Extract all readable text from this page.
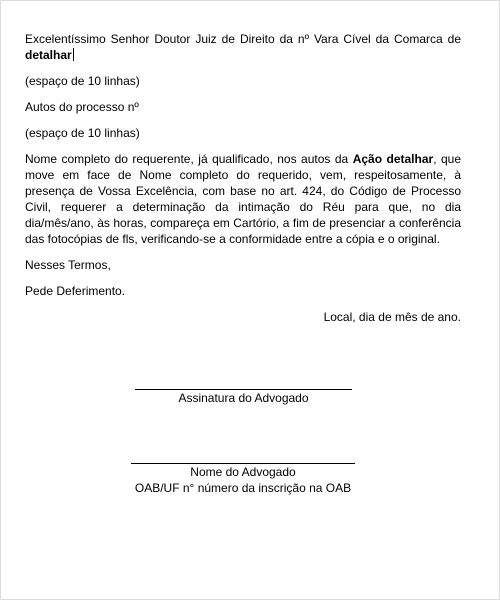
Excelentíssimo Senhor Doutor Juiz de Direito da nº Vara Cível da Comarca de detalhar

(espaço de 10 linhas)

Autos do processo nº

(espaço de 10 linhas)

Nome completo do requerente, já qualificado, nos autos da Ação detalhar, que move em face de Nome completo do requerido, vem, respeitosamente, à presença de Vossa Excelência, com base no art. 424, do Código de Processo Civil, requerer a determinação da intimação do Réu para que, no dia dia/mês/ano, às horas, compareça em Cartório, a fim de presenciar a conferência das fotocópias de fls, verificando-se a conformidade entre a cópia e o original.

Nesses Termos,

Pede Deferimento.

Local, dia de mês de ano.

Assinatura do Advogado
Nome do Advogado
OAB/UF n° número da inscrição na OAB
